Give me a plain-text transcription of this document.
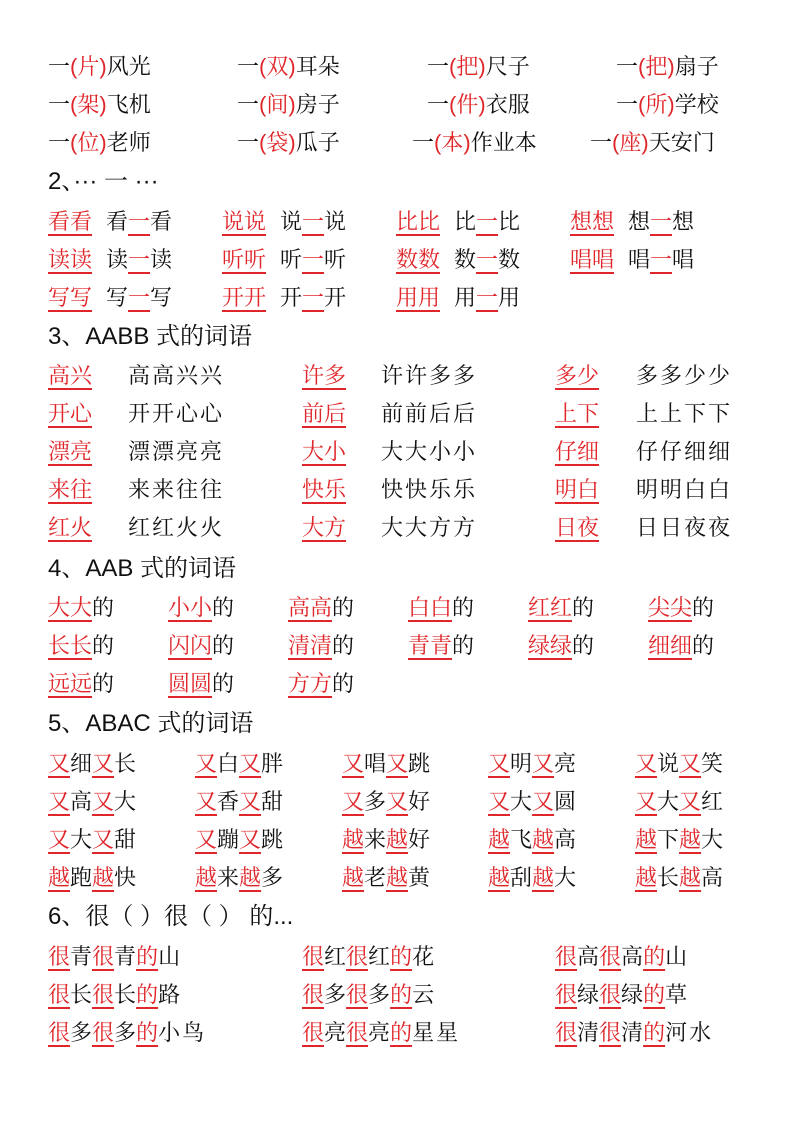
一(片)风光	一(双)耳朵	一(把)尺子	一(把)扇子
一(架)飞机	一(间)房子	一(件)衣服	一(所)学校
一(位)老师	一(袋)瓜子	一(本)作业本 一(座)天安门
2、··· 一 ···
看看 看一看 说说 说一说 比比 比一比 想想 想一想
读读 读一读 听听 听一听 数数 数一数 唱唱 唱一唱
写写 写一写 开开 开一开 用用 用一用
3、AABB 式的词语
高兴 高高兴兴	许多 许许多多	多少 多多少少
开心 开开心心	前后 前前后后	上下 上上下下
漂亮 漂漂亮亮	大小 大大小小	仔细 仔仔细细
来往 来来往往	快乐 快快乐乐	明白 明明白白
红火 红红火火	大方 大大方方	日夜 日日夜夜
4、AAB 式的词语
大大的 小小的 高高的 白白的 红红的 尖尖的
长长的 闪闪的 清清的 青青的 绿绿的 细细的
远远的 圆圆的 方方的
5、ABAC 式的词语
又细又长	又白又胖	又唱又跳	又明又亮	又说又笑
又高又大	又香又甜	又多又好	又大又圆	又大又红
又大又甜	又蹦又跳	越来越好	越飞越高	越下越大
越跑越快	越来越多	越老越黄	越刮越大	越长越高
6、很（ ）很（ ） 的...
很青很青的山	很红很红的花	很高很高的山
很长很长的路	很多很多的云	很绿很绿的草
很多很多的小鸟	很亮很亮的星星	很清很清的河水
